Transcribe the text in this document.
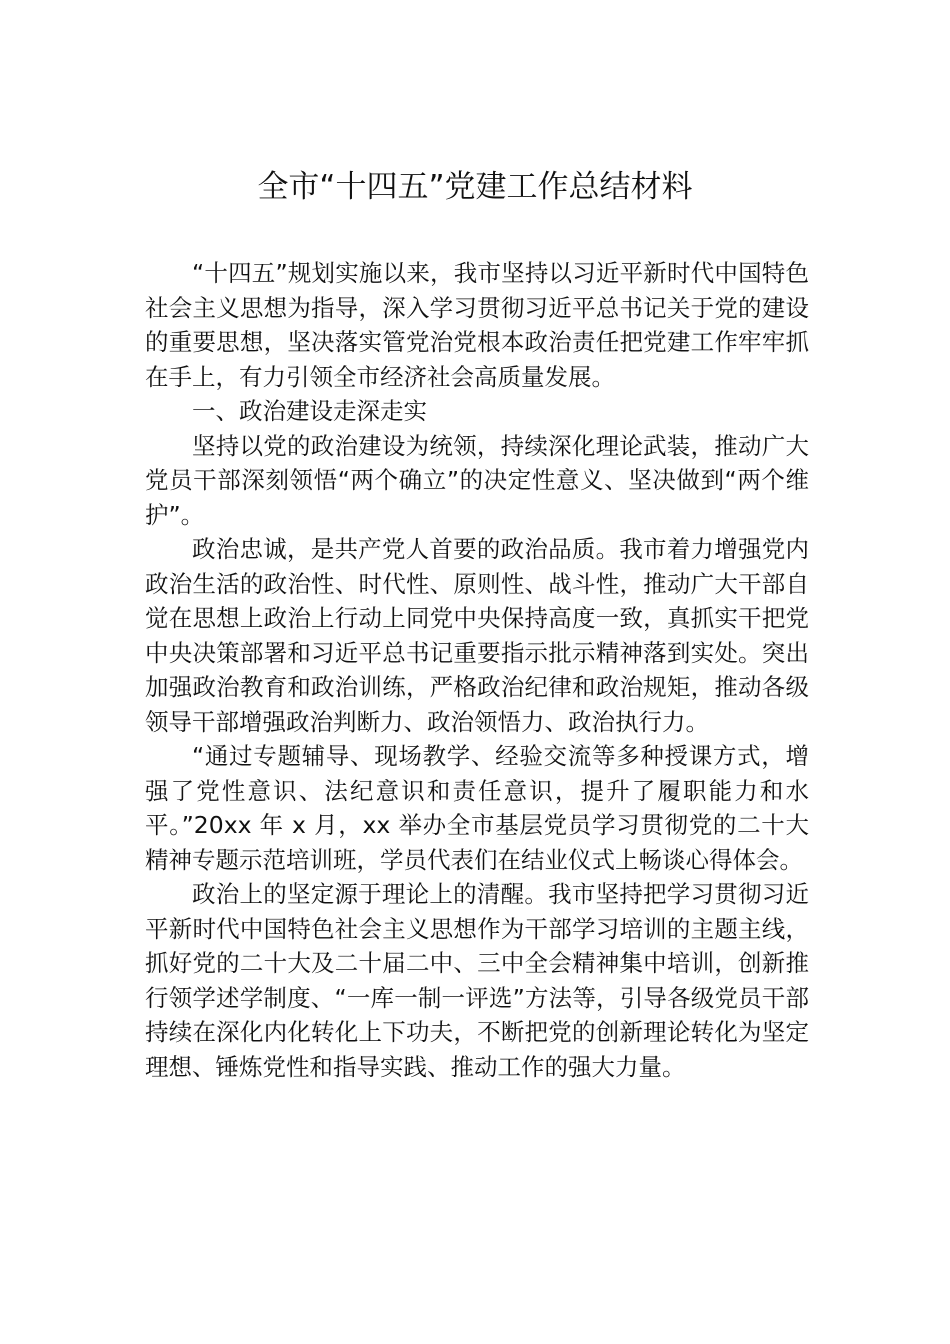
全市“十四五”党建工作总结材料

“十四五”规划实施以来，我市坚持以习近平新时代中国特色社会主义思想为指导，深入学习贯彻习近平总书记关于党的建设的重要思想，坚决落实管党治党根本政治责任把党建工作牢牢抓在手上，有力引领全市经济社会高质量发展。

一、政治建设走深走实

坚持以党的政治建设为统领，持续深化理论武装，推动广大党员干部深刻领悟“两个确立”的决定性意义、坚决做到“两个维护”。

政治忠诚，是共产党人首要的政治品质。我市着力增强党内政治生活的政治性、时代性、原则性、战斗性，推动广大干部自觉在思想上政治上行动上同党中央保持高度一致，真抓实干把党中央决策部署和习近平总书记重要指示批示精神落到实处。突出加强政治教育和政治训练，严格政治纪律和政治规矩，推动各级领导干部增强政治判断力、政治领悟力、政治执行力。

“通过专题辅导、现场教学、经验交流等多种授课方式，增强了党性意识、法纪意识和责任意识，提升了履职能力和水平。”20xx 年 x 月，xx 举办全市基层党员学习贯彻党的二十大精神专题示范培训班，学员代表们在结业仪式上畅谈心得体会。

政治上的坚定源于理论上的清醒。我市坚持把学习贯彻习近平新时代中国特色社会主义思想作为干部学习培训的主题主线，抓好党的二十大及二十届二中、三中全会精神集中培训，创新推行领学述学制度、“一库一制一评选”方法等，引导各级党员干部持续在深化内化转化上下功夫，不断把党的创新理论转化为坚定理想、锤炼党性和指导实践、推动工作的强大力量。
